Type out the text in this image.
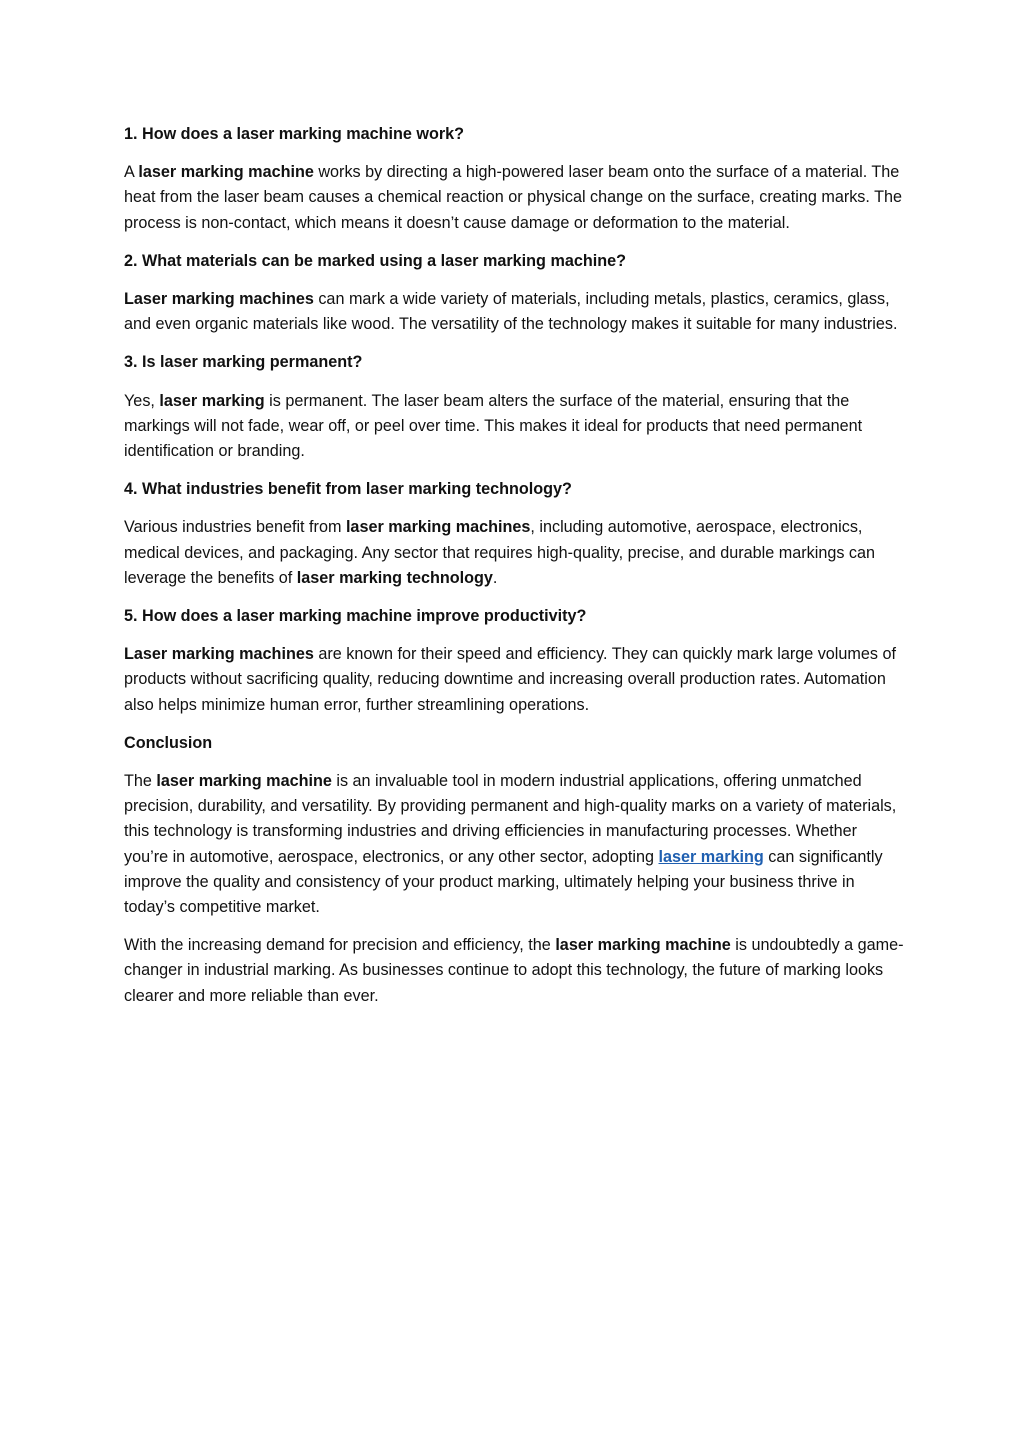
1. How does a laser marking machine work?
A laser marking machine works by directing a high-powered laser beam onto the surface of a material. The heat from the laser beam causes a chemical reaction or physical change on the surface, creating marks. The process is non-contact, which means it doesn’t cause damage or deformation to the material.
2. What materials can be marked using a laser marking machine?
Laser marking machines can mark a wide variety of materials, including metals, plastics, ceramics, glass, and even organic materials like wood. The versatility of the technology makes it suitable for many industries.
3. Is laser marking permanent?
Yes, laser marking is permanent. The laser beam alters the surface of the material, ensuring that the markings will not fade, wear off, or peel over time. This makes it ideal for products that need permanent identification or branding.
4. What industries benefit from laser marking technology?
Various industries benefit from laser marking machines, including automotive, aerospace, electronics, medical devices, and packaging. Any sector that requires high-quality, precise, and durable markings can leverage the benefits of laser marking technology.
5. How does a laser marking machine improve productivity?
Laser marking machines are known for their speed and efficiency. They can quickly mark large volumes of products without sacrificing quality, reducing downtime and increasing overall production rates. Automation also helps minimize human error, further streamlining operations.
Conclusion
The laser marking machine is an invaluable tool in modern industrial applications, offering unmatched precision, durability, and versatility. By providing permanent and high-quality marks on a variety of materials, this technology is transforming industries and driving efficiencies in manufacturing processes. Whether you’re in automotive, aerospace, electronics, or any other sector, adopting laser marking can significantly improve the quality and consistency of your product marking, ultimately helping your business thrive in today’s competitive market.
With the increasing demand for precision and efficiency, the laser marking machine is undoubtedly a game-changer in industrial marking. As businesses continue to adopt this technology, the future of marking looks clearer and more reliable than ever.
